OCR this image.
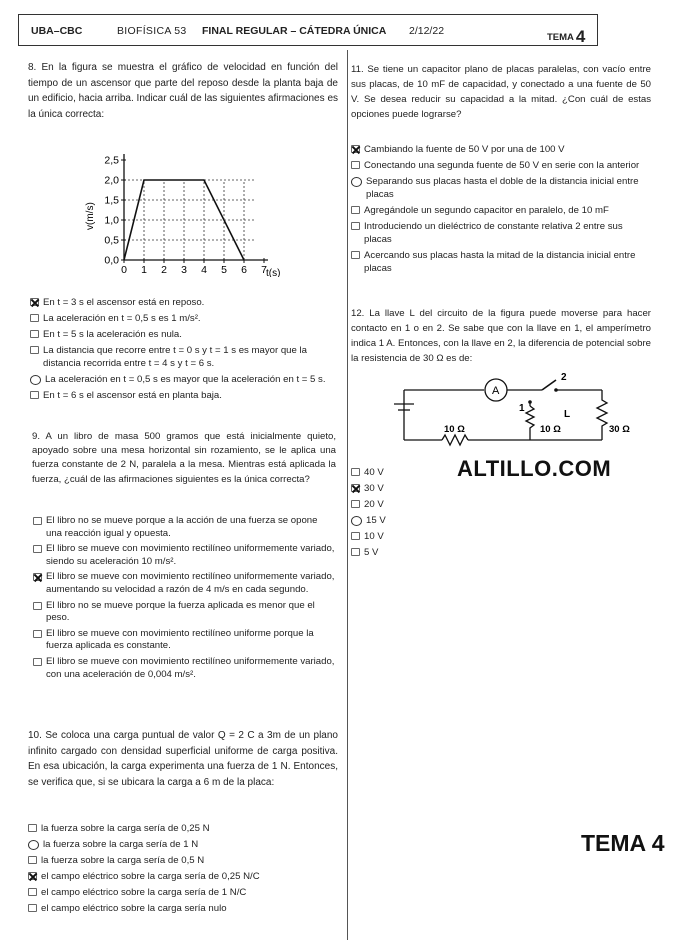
UBA–CBC	BIOFÍSICA 53 FINAL REGULAR – CÁTEDRA ÚNICA 2/12/22
TEMA 4
8. En la figura se muestra el gráfico de velocidad en función del tiempo de un ascensor que parte del reposo desde la planta baja de un edificio, hacia arriba. Indicar cuál de las siguientes afirmaciones es la única correcta:
0,0
0,5
1,0
1,5
2,0
2,5
0 1 2 3 4 5 6 7
v(m/s)
t(s)
En t = 3 s el ascensor está en reposo.
La aceleración en t = 0,5 s es 1 m/s².
En t = 5 s la aceleración es nula.
La distancia que recorre entre t = 0 s y t = 1 s es mayor que la distancia recorrida entre t = 4 s y t = 6 s.
La aceleración en t = 0,5 s es mayor que la aceleración en t = 5 s.
En t = 6 s el ascensor está en planta baja.
9. A un libro de masa 500 gramos que está inicialmente quieto, apoyado sobre una mesa horizontal sin rozamiento, se le aplica una fuerza constante de 2 N, paralela a la mesa. Mientras está aplicada la fuerza, ¿cuál de las afirmaciones siguientes es la única correcta?
El libro no se mueve porque a la acción de una fuerza se opone una reacción igual y opuesta.
El libro se mueve con movimiento rectilíneo uniformemente variado, siendo su aceleración 10 m/s².
El libro se mueve con movimiento rectilíneo uniformemente variado, aumentando su velocidad a razón de 4 m/s en cada segundo.
El libro no se mueve porque la fuerza aplicada es menor que el peso.
El libro se mueve con movimiento rectilíneo uniforme porque la fuerza aplicada es constante.
El libro se mueve con movimiento rectilíneo uniformemente variado, con una aceleración de 0,004 m/s².
10. Se coloca una carga puntual de valor Q = 2 C a 3m de un plano infinito cargado con densidad superficial uniforme de carga positiva. En esa ubicación, la carga experimenta una fuerza de 1 N. Entonces, se verifica que, si se ubicara la carga a 6 m de la placa:
la fuerza sobre la carga sería de 0,25 N
la fuerza sobre la carga sería de 1 N
la fuerza sobre la carga sería de 0,5 N
el campo eléctrico sobre la carga sería de 0,25 N/C
el campo eléctrico sobre la carga sería de 1 N/C
el campo eléctrico sobre la carga sería nulo
11. Se tiene un capacitor plano de placas paralelas, con vacío entre sus placas, de 10 mF de capacidad, y conectado a una fuente de 50 V. Se desea reducir su capacidad a la mitad. ¿Con cuál de estas opciones puede lograrse?
Cambiando la fuente de 50 V por una de 100 V
Conectando una segunda fuente de 50 V en serie con la anterior
Separando sus placas hasta el doble de la distancia inicial entre placas
Agregándole un segundo capacitor en paralelo, de 10 mF
Introduciendo un dieléctrico de constante relativa 2 entre sus placas
Acercando sus placas hasta la mitad de la distancia inicial entre placas
12. La llave L del circuito de la figura puede moverse para hacer contacto en 1 o en 2. Se sabe que con la llave en 1, el amperímetro indica 1 A. Entonces, con la llave en 2, la diferencia de potencial sobre la resistencia de 30 Ω es de:
A
1
2
L
10 Ω	10 Ω	30 Ω
ALTILLO.COM
40 V
30 V
20 V
15 V
10 V
5 V
TEMA 4
